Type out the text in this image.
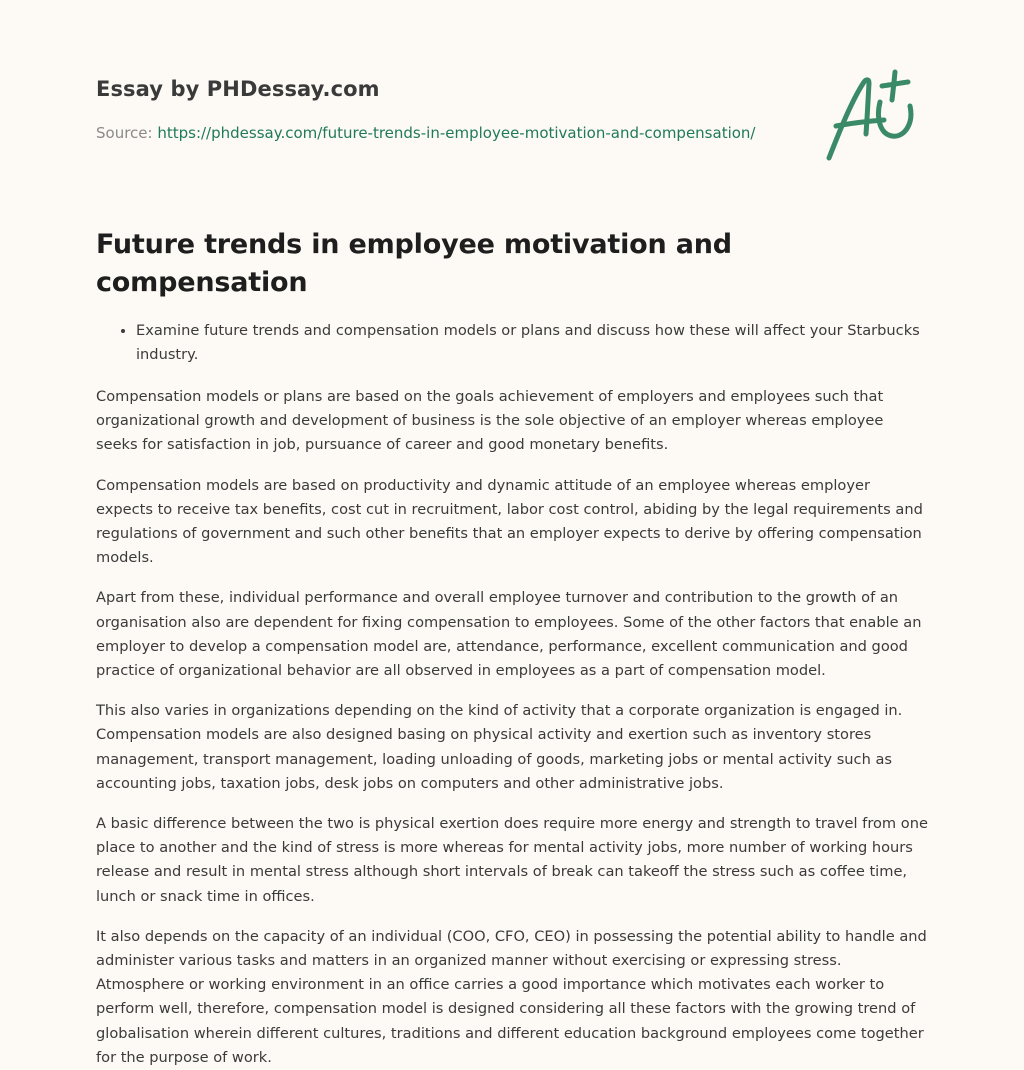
Essay by PHDessay.com
Source: https://phdessay.com/future-trends-in-employee-motivation-and-compensation/
Future trends in employee motivation and compensation
• Examine future trends and compensation models or plans and discuss how these will affect your Starbucks industry.

Compensation models or plans are based on the goals achievement of employers and employees such that organizational growth and development of business is the sole objective of an employer whereas employee seeks for satisfaction in job, pursuance of career and good monetary benefits.

Compensation models are based on productivity and dynamic attitude of an employee whereas employer expects to receive tax benefits, cost cut in recruitment, labor cost control, abiding by the legal requirements and regulations of government and such other benefits that an employer expects to derive by offering compensation models.

Apart from these, individual performance and overall employee turnover and contribution to the growth of an organisation also are dependent for fixing compensation to employees. Some of the other factors that enable an employer to develop a compensation model are, attendance, performance, excellent communication and good practice of organizational behavior are all observed in employees as a part of compensation model.

This also varies in organizations depending on the kind of activity that a corporate organization is engaged in. Compensation models are also designed basing on physical activity and exertion such as inventory stores management, transport management, loading unloading of goods, marketing jobs or mental activity such as accounting jobs, taxation jobs, desk jobs on computers and other administrative jobs.

A basic difference between the two is physical exertion does require more energy and strength to travel from one place to another and the kind of stress is more whereas for mental activity jobs, more number of working hours release and result in mental stress although short intervals of break can takeoff the stress such as coffee time, lunch or snack time in offices.

It also depends on the capacity of an individual (COO, CFO, CEO) in possessing the potential ability to handle and administer various tasks and matters in an organized manner without exercising or expressing stress. Atmosphere or working environment in an office carries a good importance which motivates each worker to perform well, therefore, compensation model is designed considering all these factors with the growing trend of globalisation wherein different cultures, traditions and different education background employees come together for the purpose of work.
